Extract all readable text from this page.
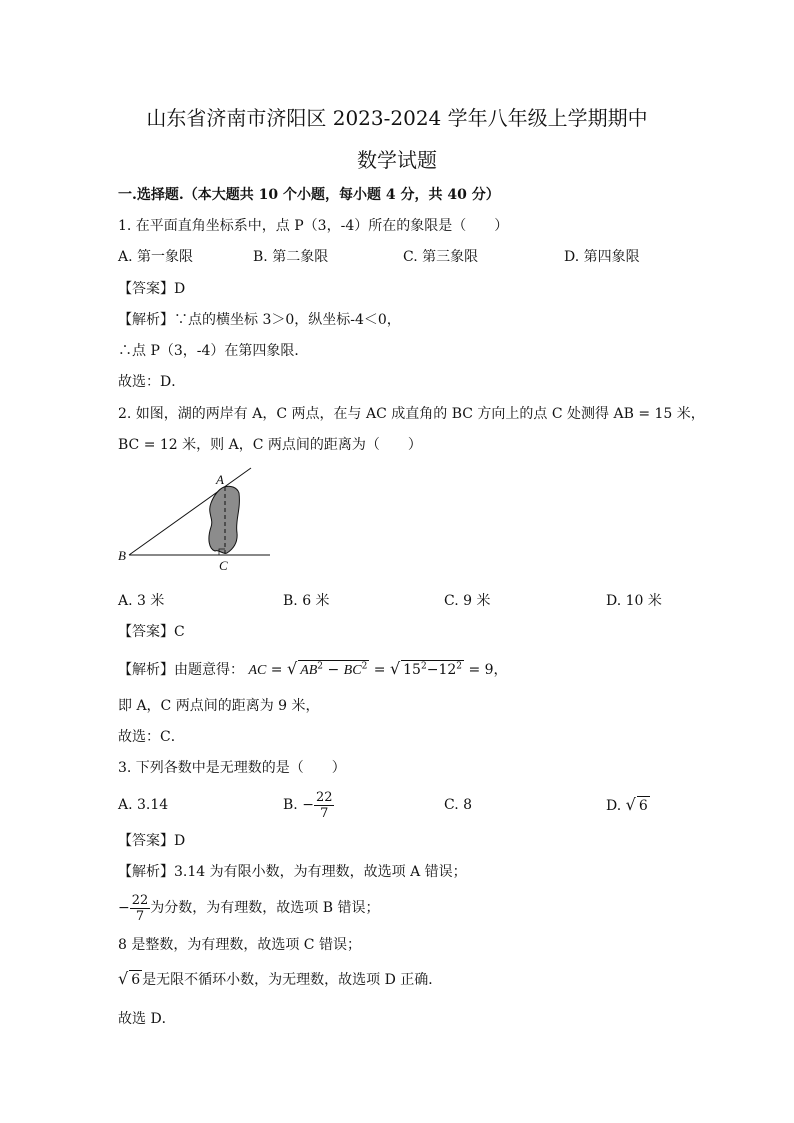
山东省济南市济阳区 2023-2024 学年八年级上学期期中
数学试题
一.选择题.（本大题共 10 个小题，每小题 4 分，共 40 分）
1. 在平面直角坐标系中，点 P（3，-4）所在的象限是（　　）
A. 第一象限	B. 第二象限	C. 第三象限	D. 第四象限
【答案】D
【解析】∵点的横坐标 3＞0，纵坐标-4＜0，
∴点 P（3，-4）在第四象限．
故选：D．
2. 如图，湖的两岸有 A，C 两点，在与 AC 成直角的 BC 方向上的点 C 处测得 AB = 15 米，
BC = 12 米，则 A，C 两点间的距离为（　　）
A
B
C
A. 3 米	B. 6 米	C. 9 米	D. 10 米
【答案】C
【解析】由题意得： AC = √ $AB^2 - BC^2$ = √ $15^2-12^2 = 9$，
即 A，C 两点间的距离为 9 米，
故选：C．
3. 下列各数中是无理数的是（　　）
A. 3.14	B. − $\frac{22}{7}$	C. 8	D. √ 6
【答案】D
【解析】3.14 为有限小数，为有理数，故选项 A 错误；
− $\frac{22}{7}$ 为分数，为有理数，故选项 B 错误；
8 是整数，为有理数，故选项 C 错误；
√ 6 是无限不循环小数，为无理数，故选项 D 正确．
故选 D．
